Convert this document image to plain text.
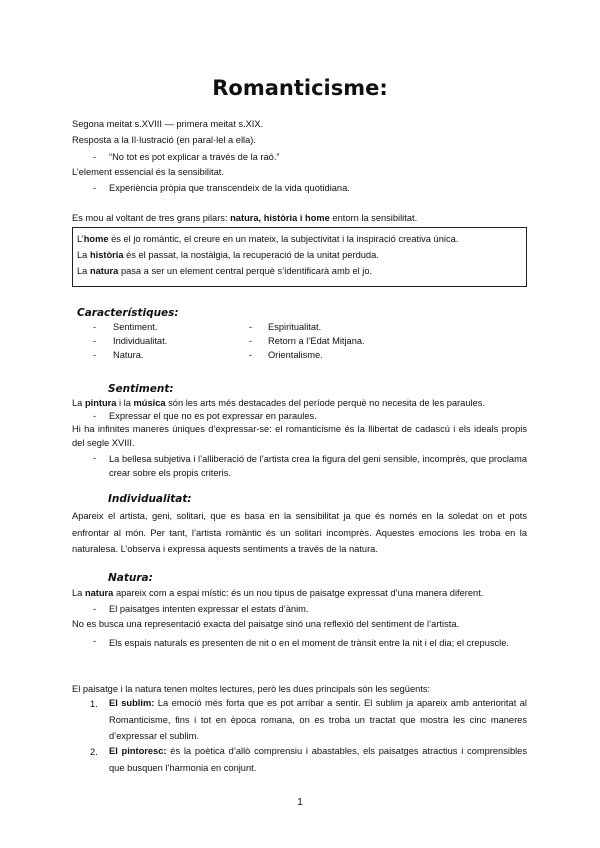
Romanticisme:
Segona meitat s.XVIII — primera meitat s.XIX.
Resposta a la Il·lustració (en paral·lel a ella).
- “No tot es pot explicar a través de la raó.”
L’element essencial és la sensibilitat.
- Experiència pròpia que transcendeix de la vida quotidiana.
Es mou al voltant de tres grans pilars: natura, història i home entorn la sensibilitat.
L’home és el jo romàntic, el creure en un mateix, la subjectivitat i la inspiració creativa única.
La història és el passat, la nostàlgia, la recuperació de la unitat perduda.
La natura pasa a ser un element central perquè s’identificarà amb el jo.
Característiques:
- Sentiment.
- Individualitat.
- Natura.
- Espiritualitat.
- Retorn a l’Edat Mitjana.
- Orientalisme.
Sentiment:
La pintura i la música són les arts més destacades del període perquè no necesita de les paraules.
- Expressar el que no es pot expressar en paraules.
Hi ha infinites maneres úniques d’expressar-se: el romanticisme és la llibertat de cadascú i els ideals propis del segle XVIII.
- La bellesa subjetiva i l’alliberació de l’artista crea la figura del geni sensible, incomprès, que proclama crear sobre els propis criteris.
Individualitat:
Apareix el artista, geni, solitari, que es basa en la sensibilitat ja que és només en la soledat on et pots enfrontar al món. Per tant, l’artista romàntic és un solitari incomprès. Aquestes emocions les troba en la naturalesa. L’observa i expressa aquests sentiments a través de la natura.
Natura:
La natura apareix com a espai místic: és un nou tipus de paisatge expressat d’una manera diferent.
- El paisatges intenten expressar el estats d’ànim.
No es busca una representació exacta del paisatge sinó una reflexió del sentiment de l’artista.
- Els espais naturals es presenten de nit o en el moment de trànsit entre la nit i el dia; el crepuscle.
El paisatge i la natura tenen moltes lectures, però les dues principals són les següents:
1. El sublim: La emoció més forta que es pot arribar a sentir. El sublim ja apareix amb anterioritat al Romanticisme, fins i tot en època romana, on es troba un tractat que mostra les cinc maneres d’expressar el sublim.
2. El pintoresc: és la poètica d’allò comprensiu i abastables, els paisatges atractius i comprensibles que busquen l’harmonia en conjunt.
1
